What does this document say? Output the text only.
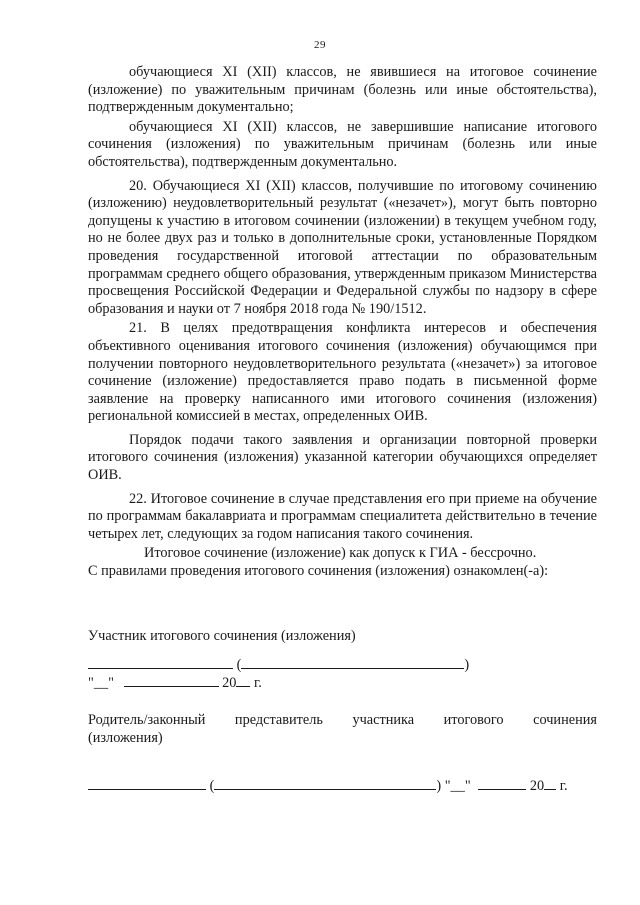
29

обучающиеся XI (XII) классов, не явившиеся на итоговое сочинение (изложение) по уважительным причинам (болезнь или иные обстоятельства), подтвержденным документально;

обучающиеся XI (XII) классов, не завершившие написание итогового сочинения (изложения) по уважительным причинам (болезнь или иные обстоятельства), подтвержденным документально.

20. Обучающиеся XI (XII) классов, получившие по итоговому сочинению (изложению) неудовлетворительный результат («незачет»), могут быть повторно допущены к участию в итоговом сочинении (изложении) в текущем учебном году, но не более двух раз и только в дополнительные сроки, установленные Порядком проведения государственной итоговой аттестации по образовательным программам среднего общего образования, утвержденным приказом Министерства просвещения Российской Федерации и Федеральной службы по надзору в сфере образования и науки от 7 ноября 2018 года № 190/1512.

21. В целях предотвращения конфликта интересов и обеспечения объективного оценивания итогового сочинения (изложения) обучающимся при получении повторного неудовлетворительного результата («незачет») за итоговое сочинение (изложение) предоставляется право подать в письменной форме заявление на проверку написанного ими итогового сочинения (изложения) региональной комиссией в местах, определенных ОИВ.

Порядок подачи такого заявления и организации повторной проверки итогового сочинения (изложения) указанной категории обучающихся определяет ОИВ.

22. Итоговое сочинение в случае представления его при приеме на обучение по программам бакалавриата и программам специалитета действительно в течение четырех лет, следующих за годом написания такого сочинения.

Итоговое сочинение (изложение) как допуск к ГИА - бессрочно.

С правилами проведения итогового сочинения (изложения) ознакомлен(-а):

Участник итогового сочинения (изложения)
(	)
"__"	20 г.
Родитель/законный представитель участника итогового сочинения
(изложения)
(	) "__"	20 г.
